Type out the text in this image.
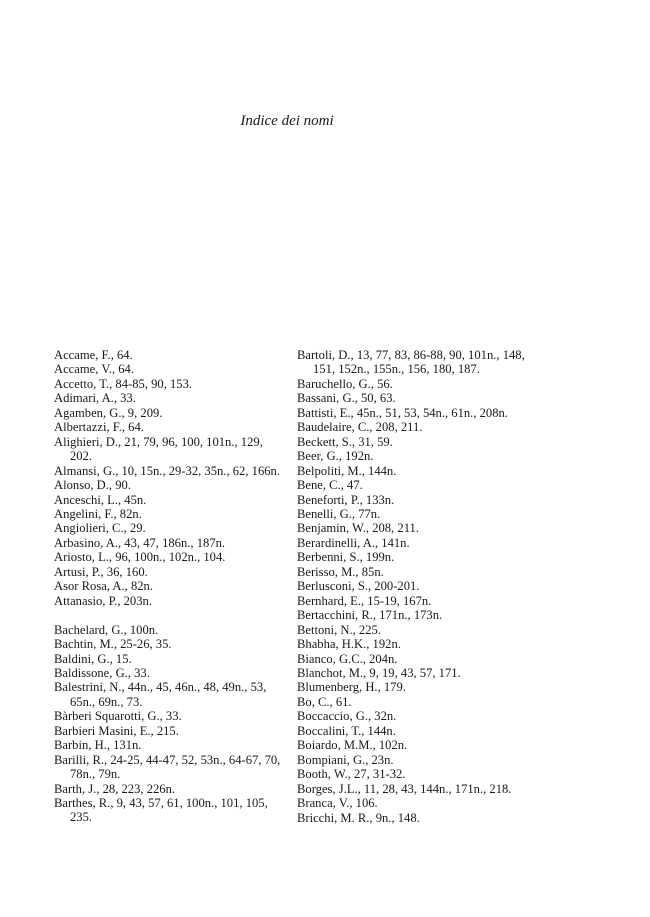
Indice dei nomi

Accame, F., 64.

Accame, V., 64.

Accetto, T., 84-85, 90, 153.

Adimari, A., 33.

Agamben, G., 9, 209.

Albertazzi, F., 64.

Alighieri, D., 21, 79, 96, 100, 101n., 129, 202.

Almansi, G., 10, 15n., 29-32, 35n., 62, 166n.

Alonso, D., 90.

Anceschi, L., 45n.

Angelini, F., 82n.

Angiolieri, C., 29.

Arbasino, A., 43, 47, 186n., 187n.

Ariosto, L., 96, 100n., 102n., 104.

Artusi, P., 36, 160.

Asor Rosa, A., 82n.

Attanasio, P., 203n.

Bachelard, G., 100n.

Bachtin, M., 25-26, 35.

Baldini, G., 15.

Baldissone, G., 33.

Balestrini, N., 44n., 45, 46n., 48, 49n., 53, 65n., 69n., 73.

Bàrberi Squarotti, G., 33.

Barbieri Masini, E., 215.

Barbin, H., 131n.

Barilli, R., 24-25, 44-47, 52, 53n., 64-67, 70, 78n., 79n.

Barth, J., 28, 223, 226n.

Barthes, R., 9, 43, 57, 61, 100n., 101, 105, 235.

Bartoli, D., 13, 77, 83, 86-88, 90, 101n., 148, 151, 152n., 155n., 156, 180, 187.

Baruchello, G., 56.

Bassani, G., 50, 63.

Battisti, E., 45n., 51, 53, 54n., 61n., 208n.

Baudelaire, C., 208, 211.

Beckett, S., 31, 59.

Beer, G., 192n.

Belpoliti, M., 144n.

Bene, C., 47.

Beneforti, P., 133n.

Benelli, G., 77n.

Benjamin, W., 208, 211.

Berardinelli, A., 141n.

Berbenni, S., 199n.

Berisso, M., 85n.

Berlusconi, S., 200-201.

Bernhard, E., 15-19, 167n.

Bertacchini, R., 171n., 173n.

Bettoni, N., 225.

Bhabha, H.K., 192n.

Bianco, G.C., 204n.

Blanchot, M., 9, 19, 43, 57, 171.

Blumenberg, H., 179.

Bo, C., 61.

Boccaccio, G., 32n.

Boccalini, T., 144n.

Boiardo, M.M., 102n.

Bompiani, G., 23n.

Booth, W., 27, 31-32.

Borges, J.L., 11, 28, 43, 144n., 171n., 218.

Branca, V., 106.

Bricchi, M. R., 9n., 148.
